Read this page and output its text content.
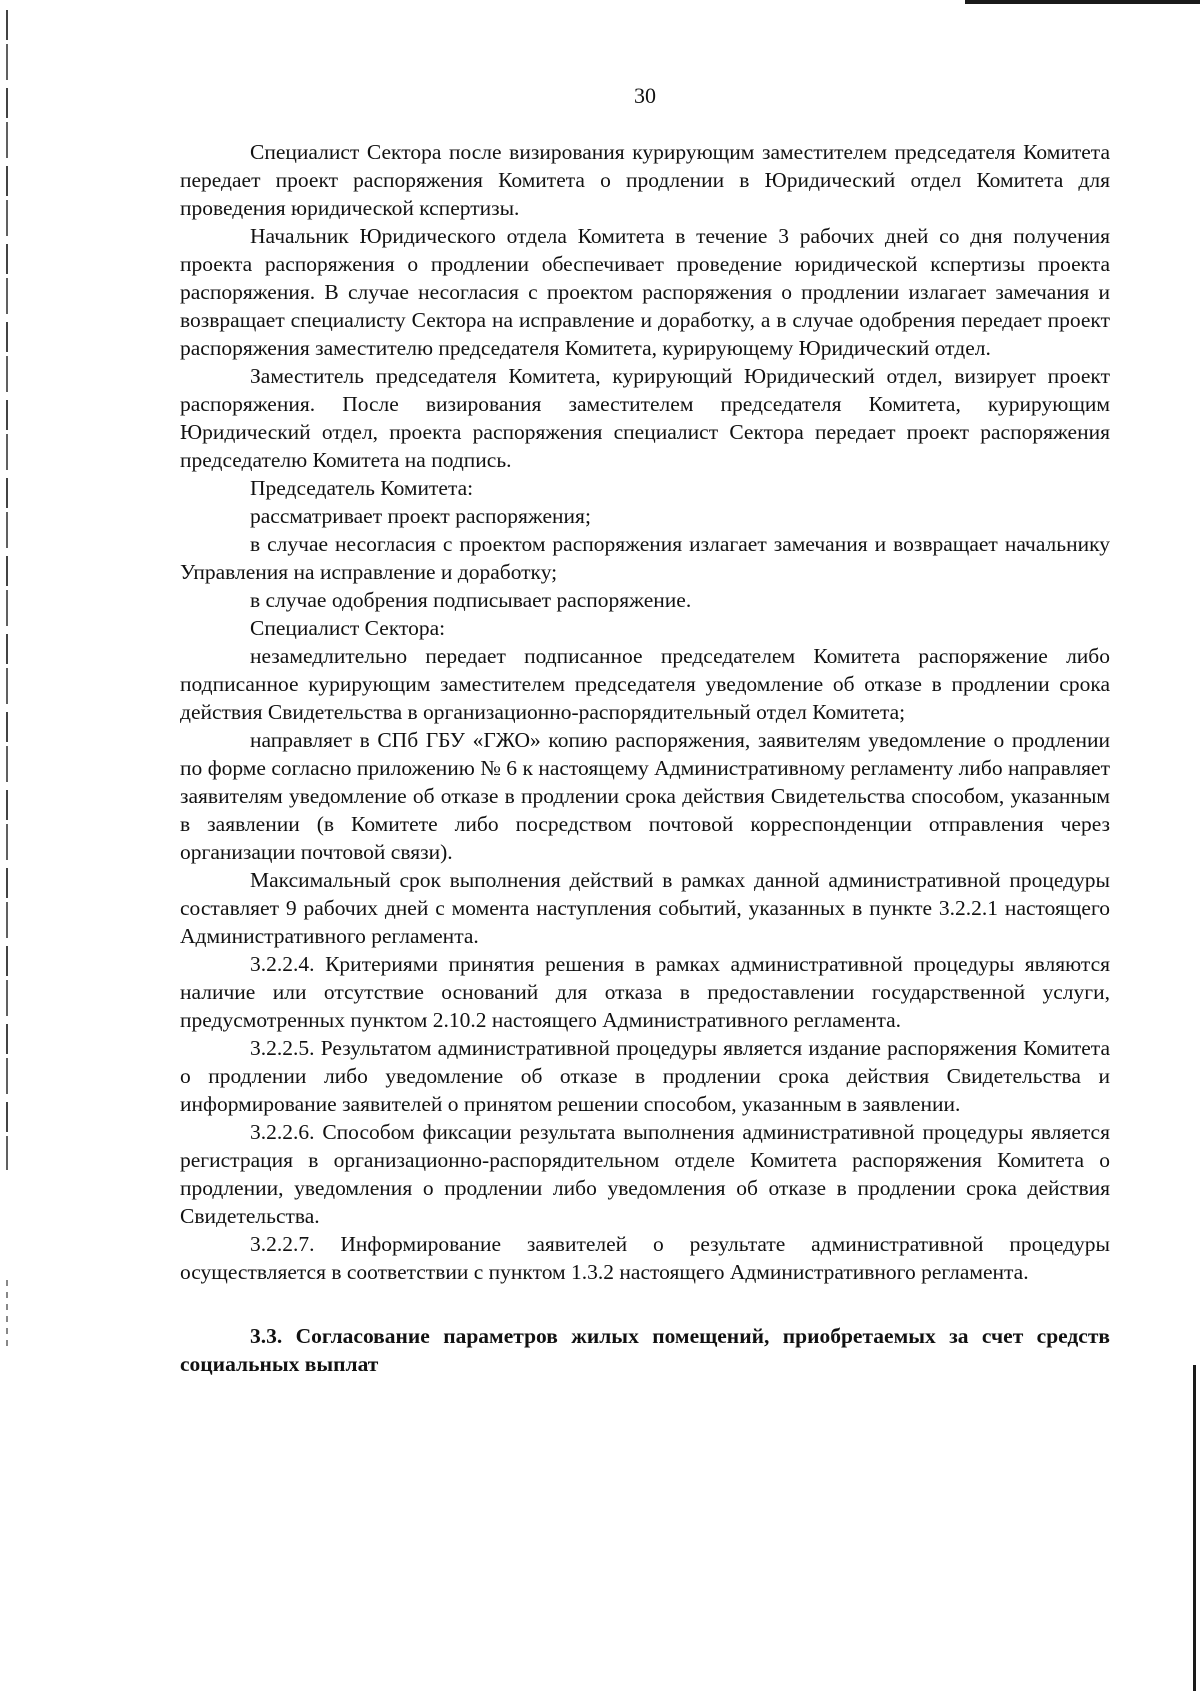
30

Специалист Сектора после визирования курирующим заместителем председателя Комитета передает проект распоряжения Комитета о продлении в Юридический отдел Комитета для проведения юридической кспертизы.

Начальник Юридического отдела Комитета в течение 3 рабочих дней со дня получения проекта распоряжения о продлении обеспечивает проведение юридической кспертизы проекта распоряжения. В случае несогласия с проектом распоряжения о продлении излагает замечания и возвращает специалисту Сектора на исправление и доработку, а в случае одобрения передает проект распоряжения заместителю председателя Комитета, курирующему Юридический отдел.

Заместитель председателя Комитета, курирующий Юридический отдел, визирует проект распоряжения. После визирования заместителем председателя Комитета, курирующим Юридический отдел, проекта распоряжения специалист Сектора передает проект распоряжения председателю Комитета на подпись.

Председатель Комитета:

рассматривает проект распоряжения;

в случае несогласия с проектом распоряжения излагает замечания и возвращает начальнику Управления на исправление и доработку;

в случае одобрения подписывает распоряжение.

Специалист Сектора:

незамедлительно передает подписанное председателем Комитета распоряжение либо подписанное курирующим заместителем председателя уведомление об отказе в продлении срока действия Свидетельства в организационно-распорядительный отдел Комитета;

направляет в СПб ГБУ «ГЖО» копию распоряжения, заявителям уведомление о продлении по форме согласно приложению № 6 к настоящему Административному регламенту либо направляет заявителям уведомление об отказе в продлении срока действия Свидетельства способом, указанным в заявлении (в Комитете либо посредством почтовой корреспонденции отправления через организации почтовой связи).

Максимальный срок выполнения действий в рамках данной административной процедуры составляет 9 рабочих дней с момента наступления событий, указанных в пункте 3.2.2.1 настоящего Административного регламента.

3.2.2.4. Критериями принятия решения в рамках административной процедуры являются наличие или отсутствие оснований для отказа в предоставлении государственной услуги, предусмотренных пунктом 2.10.2 настоящего Административного регламента.

3.2.2.5. Результатом административной процедуры является издание распоряжения Комитета о продлении либо уведомление об отказе в продлении срока действия Свидетельства и информирование заявителей о принятом решении способом, указанным в заявлении.

3.2.2.6. Способом фиксации результата выполнения административной процедуры является регистрация в организационно-распорядительном отделе Комитета распоряжения Комитета о продлении, уведомления о продлении либо уведомления об отказе в продлении срока действия Свидетельства.

3.2.2.7. Информирование заявителей о результате административной процедуры осуществляется в соответствии с пунктом 1.3.2 настоящего Административного регламента.

3.3. Согласование параметров жилых помещений, приобретаемых за счет средств социальных выплат
